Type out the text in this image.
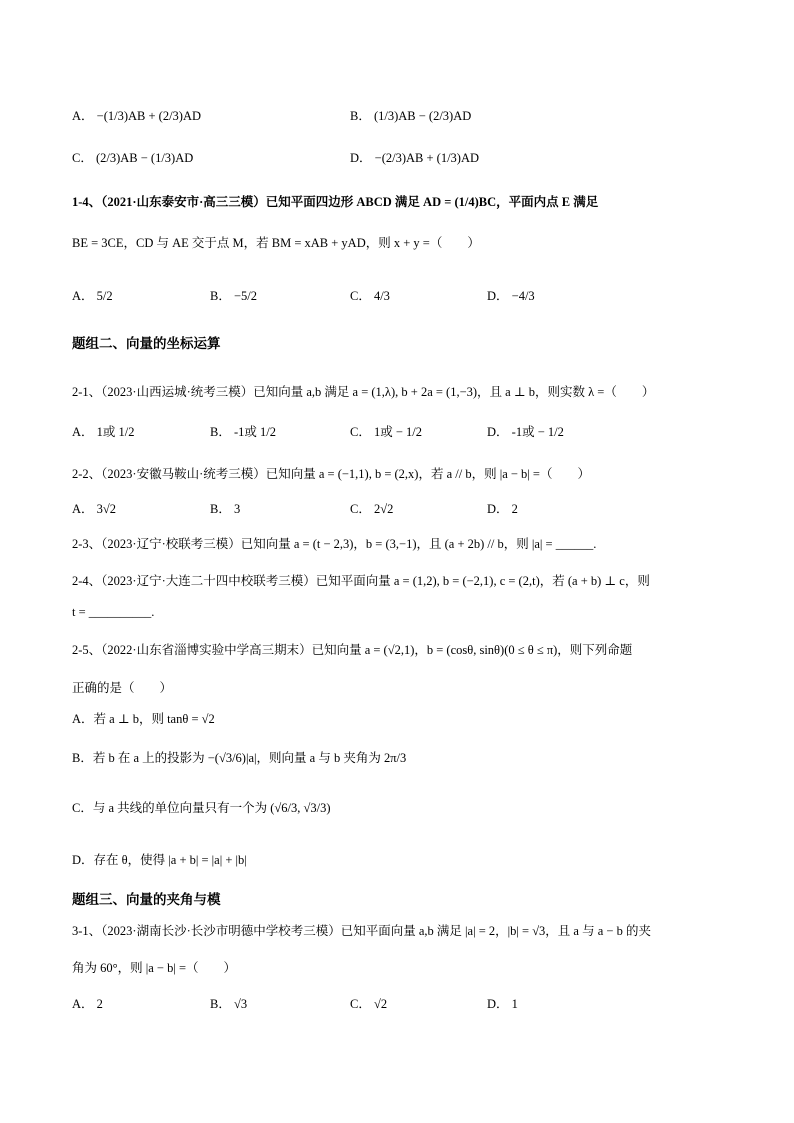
A． −(1/3)AB + (2/3)AD	B． (1/3)AB − (2/3)AD
C． (2/3)AB − (1/3)AD	D． −(2/3)AB + (1/3)AD
1-4、（2021·山东泰安市·高三三模）已知平面四边形 ABCD 满足 AD = (1/4)BC，平面内点 E 满足
BE = 3CE，CD 与 AE 交于点 M，若 BM = xAB + yAD，则 x + y =（　　）
A． 5/2	B． −5/2	C． 4/3	D． −4/3
题组二、向量的坐标运算
2-1、（2023·山西运城·统考三模）已知向量 a,b 满足 a = (1,λ), b + 2a = (1,−3)，且 a ⊥ b，则实数 λ =（　　）
A． 1或 1/2	B． -1或 1/2	C． 1或 − 1/2	D． -1或 − 1/2
2-2、（2023·安徽马鞍山·统考三模）已知向量 a = (−1,1), b = (2,x)，若 a // b，则 |a − b| =（　　）
A． 3√2	B． 3	C． 2√2	D． 2
2-3、（2023·辽宁·校联考三模）已知向量 a = (t − 2,3)，b = (3,−1)，且 (a + 2b) // b，则 |a| = ______.
2-4、（2023·辽宁·大连二十四中校联考三模）已知平面向量 a = (1,2), b = (−2,1), c = (2,t)，若 (a + b) ⊥ c，则
t = __________.
2-5、（2022·山东省淄博实验中学高三期末）已知向量 a = (√2,1)，b = (cosθ, sinθ)(0 ≤ θ ≤ π)，则下列命题
正确的是（　　）
A．若 a ⊥ b，则 tanθ = √2
B．若 b 在 a 上的投影为 −(√3/6)|a|，则向量 a 与 b 夹角为 2π/3
C．与 a 共线的单位向量只有一个为 (√6/3, √3/3)
D．存在 θ，使得 |a + b| = |a| + |b|
题组三、向量的夹角与模
3-1、（2023·湖南长沙·长沙市明德中学校考三模）已知平面向量 a,b 满足 |a| = 2，|b| = √3，且 a 与 a − b 的夹
角为 60°，则 |a − b| =（　　）
A． 2	B． √3	C． √2	D． 1
